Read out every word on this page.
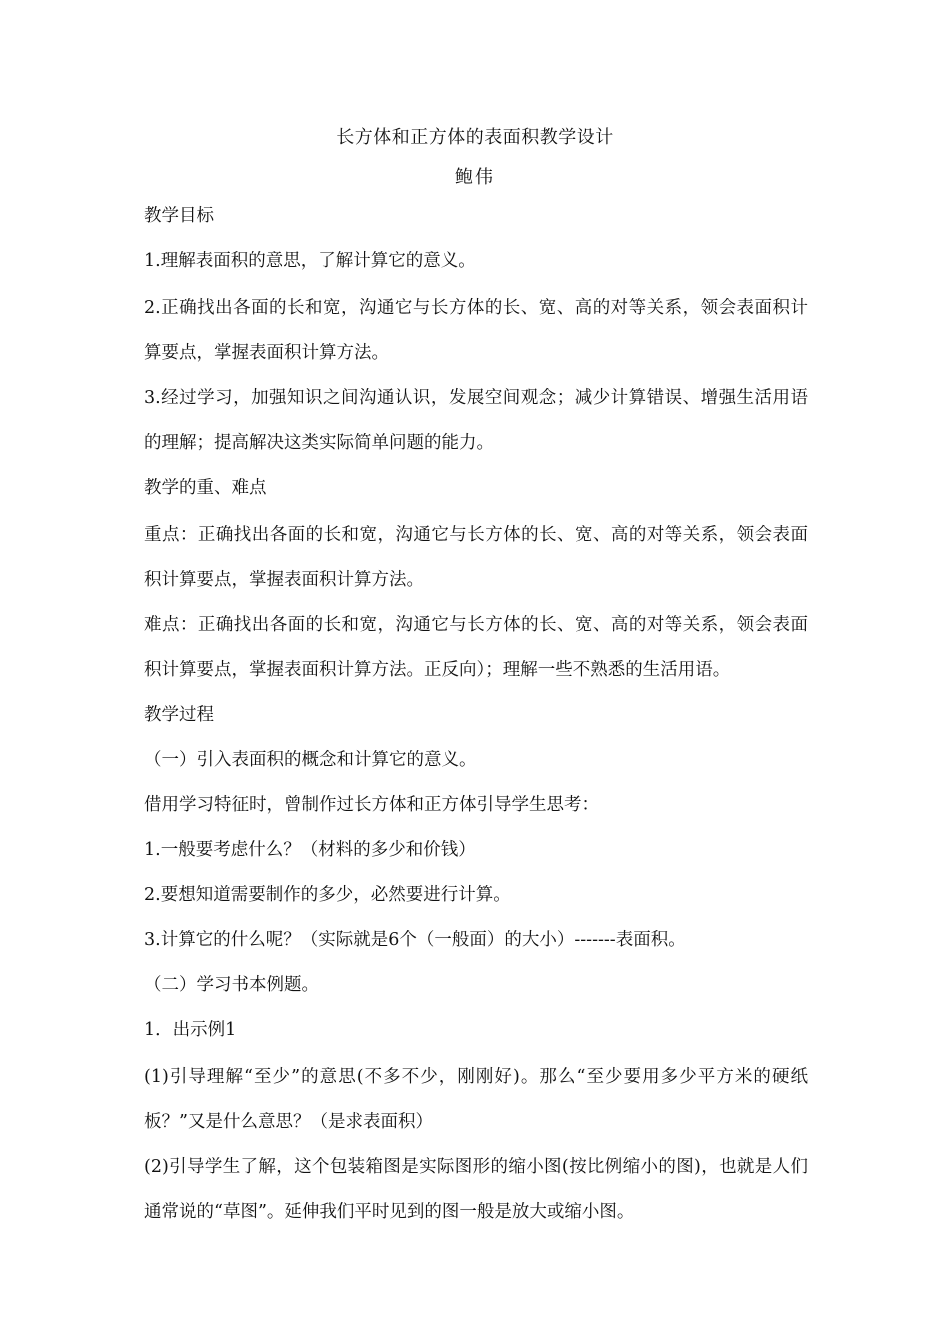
长方体和正方体的表面积教学设计
鲍伟

教学目标

1.理解表面积的意思，了解计算它的意义。

2.正确找出各面的长和宽，沟通它与长方体的长、宽、高的对等关系，领会表面积计算要点，掌握表面积计算方法。

3.经过学习，加强知识之间沟通认识，发展空间观念；减少计算错误、增强生活用语的理解；提高解决这类实际简单问题的能力。

教学的重、难点

重点：正确找出各面的长和宽，沟通它与长方体的长、宽、高的对等关系，领会表面积计算要点，掌握表面积计算方法。

难点：正确找出各面的长和宽，沟通它与长方体的长、宽、高的对等关系，领会表面积计算要点，掌握表面积计算方法。正反向）；理解一些不熟悉的生活用语。

教学过程

（一）引入表面积的概念和计算它的意义。

借用学习特征时，曾制作过长方体和正方体引导学生思考：

1.一般要考虑什么？（材料的多少和价钱）

2.要想知道需要制作的多少，必然要进行计算。

3.计算它的什么呢？（实际就是6个（一般面）的大小）-------表面积。

（二）学习书本例题。

1．出示例1

(1)引导理解“至少”的意思(不多不少，刚刚好)。那么“至少要用多少平方米的硬纸板？”又是什么意思？（是求表面积）

(2)引导学生了解，这个包装箱图是实际图形的缩小图(按比例缩小的图)，也就是人们通常说的“草图”。延伸我们平时见到的图一般是放大或缩小图。
